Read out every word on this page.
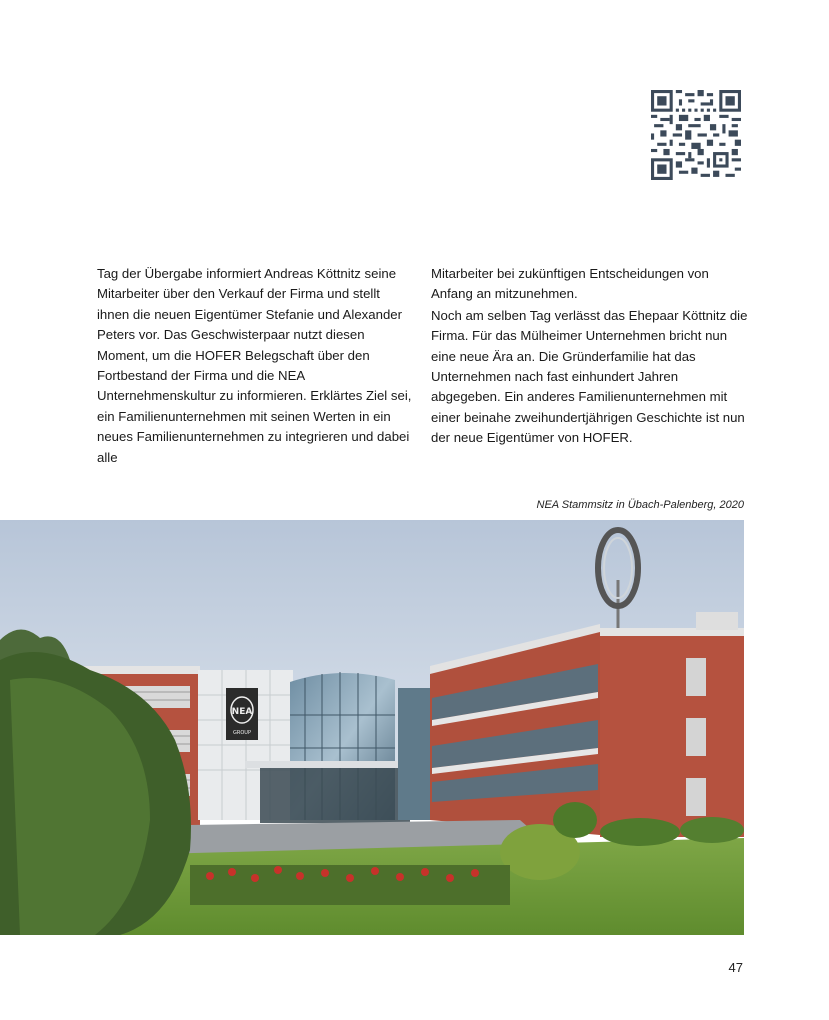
Tag der Übergabe informiert Andreas Köttnitz seine Mitarbeiter über den Verkauf der Firma und stellt ihnen die neuen Eigentümer Stefanie und Alexander Peters vor. Das Geschwisterpaar nutzt diesen Moment, um die HOFER Belegschaft über den Fortbestand der Firma und die NEA Unternehmenskultur zu informieren. Erklärtes Ziel sei, ein Familienunternehmen mit seinen Werten in ein neues Familienunternehmen zu integrieren und dabei alle

Mitarbeiter bei zukünftigen Entscheidungen von Anfang an mitzunehmen.

Noch am selben Tag verlässt das Ehepaar Köttnitz die Firma. Für das Mülheimer Unternehmen bricht nun eine neue Ära an. Die Gründerfamilie hat das Unternehmen nach fast einhundert Jahren abgegeben. Ein anderes Familienunternehmen mit einer beinahe zweihundertjährigen Geschichte ist nun der neue Eigentümer von HOFER.

NEA Stammsitz in Übach-Palenberg, 2020
NEA
GROUP
47
